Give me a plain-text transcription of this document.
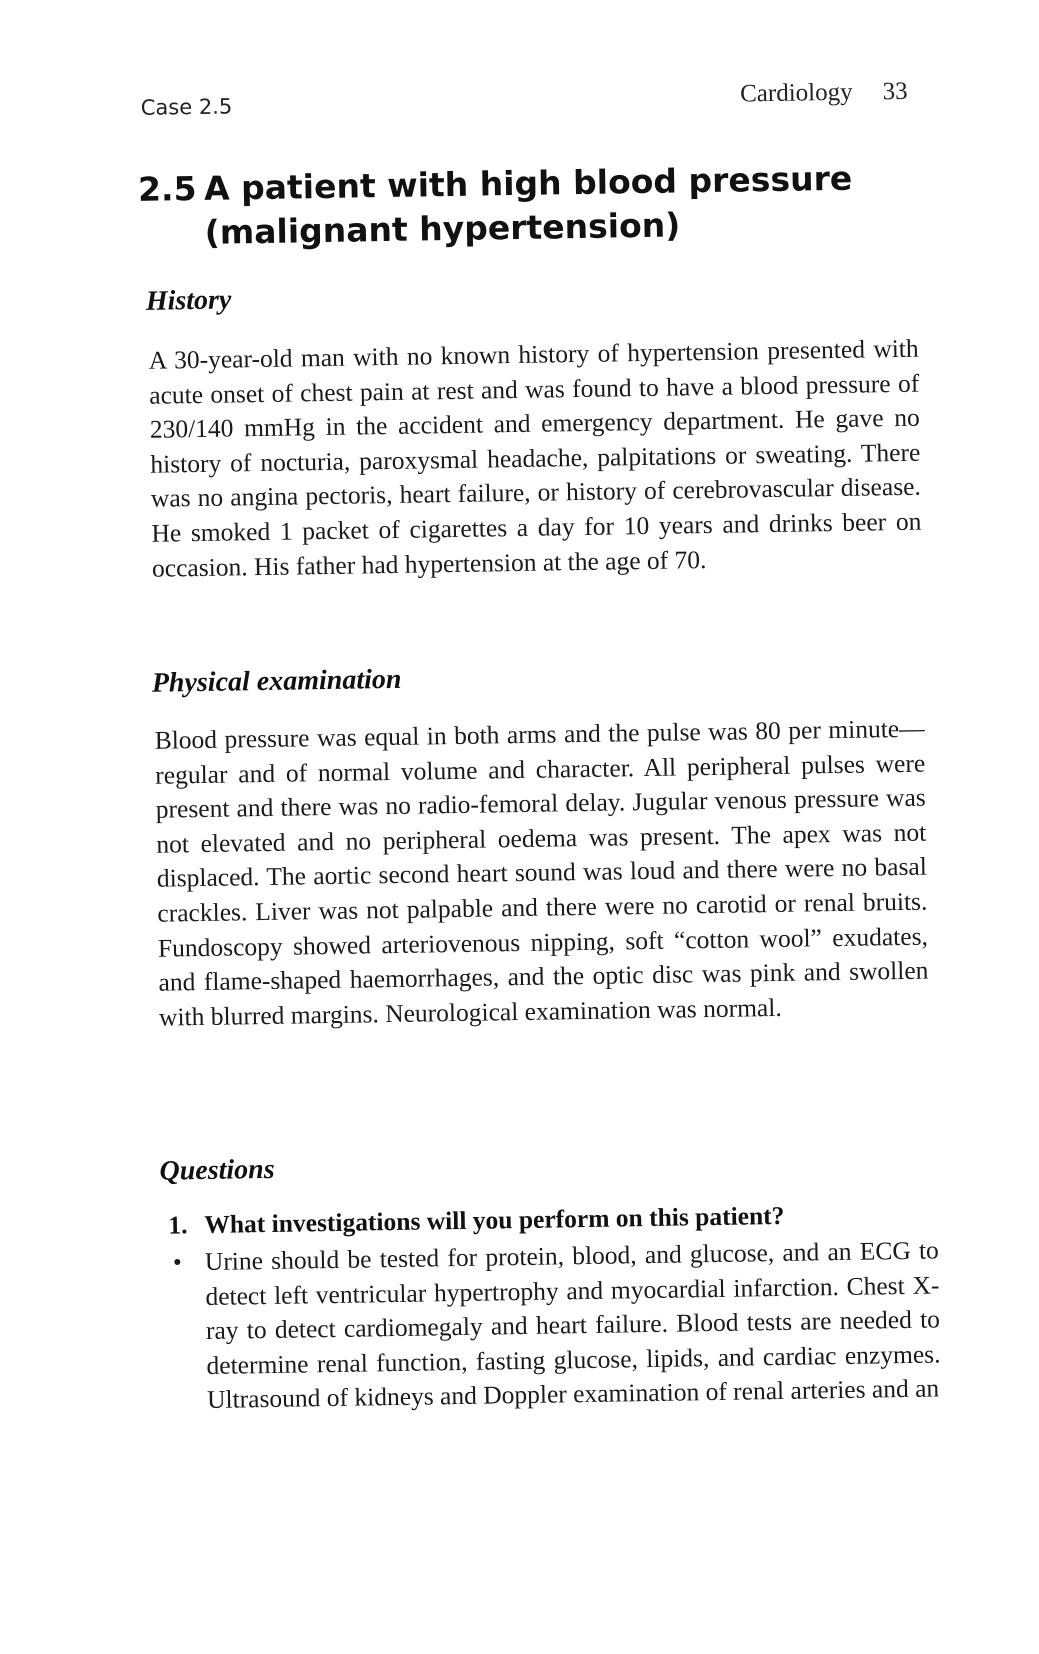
Case 2.5	Cardiology 33
2.5 A patient with high blood pressure (malignant hypertension)
History

A 30-year-old man with no known history of hypertension presented with acute onset of chest pain at rest and was found to have a blood pressure of 230/140 mmHg in the accident and emergency department. He gave no history of nocturia, paroxysmal headache, palpitations or sweating. There was no angina pectoris, heart failure, or history of cerebrovascular disease. He smoked 1 packet of cigarettes a day for 10 years and drinks beer on occasion. His father had hypertension at the age of 70.

Physical examination

Blood pressure was equal in both arms and the pulse was 80 per minute—regular and of normal volume and character. All peripheral pulses were present and there was no radio-femoral delay. Jugular venous pressure was not elevated and no peripheral oedema was present. The apex was not displaced. The aortic second heart sound was loud and there were no basal crackles. Liver was not palpable and there were no carotid or renal bruits. Fundoscopy showed arteriovenous nipping, soft “cotton wool” exudates, and flame-shaped haemorrhages, and the optic disc was pink and swollen with blurred margins. Neurological examination was normal.

Questions
1. What investigations will you perform on this patient?
• Urine should be tested for protein, blood, and glucose, and an ECG to detect left ventricular hypertrophy and myocardial infarction. Chest X-ray to detect cardiomegaly and heart failure. Blood tests are needed to determine renal function, fasting glucose, lipids, and cardiac enzymes. Ultrasound of kidneys and Doppler examination of renal arteries and an
